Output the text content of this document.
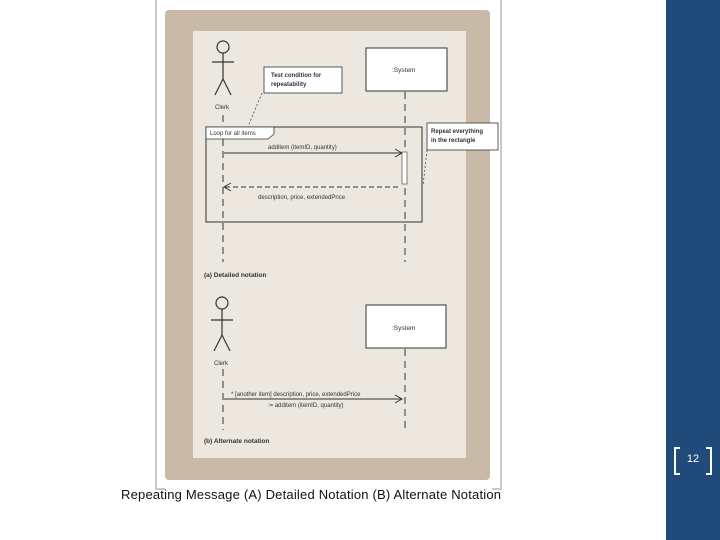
Clerk
:System
Test condition for
repeatability
Repeat everything
in the rectangle
Loop for all items
additem (itemID, quantity)
description, price, extendedPrice
(a) Detailed notation
Clerk
:System
* [another item] description, price, extendedPrice
:= additem (itemID, quantity)
(b) Alternate notation
Repeating Message (A) Detailed Notation (B) Alternate Notation
CT 1414 * Nouf Aljaffan
25/05/2021
12
